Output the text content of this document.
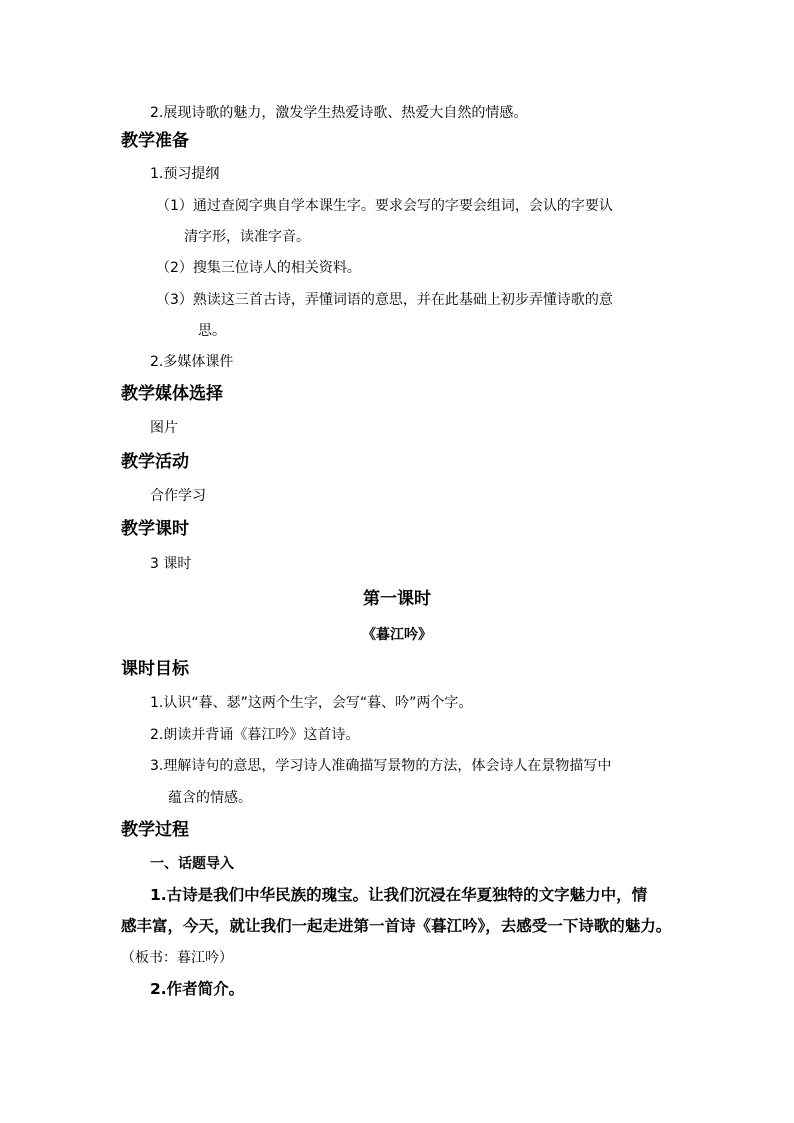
2.展现诗歌的魅力，激发学生热爱诗歌、热爱大自然的情感。
教学准备
1.预习提纲
（1）通过查阅字典自学本课生字。要求会写的字要会组词，会认的字要认
清字形，读准字音。
（2）搜集三位诗人的相关资料。
（3）熟读这三首古诗，弄懂词语的意思，并在此基础上初步弄懂诗歌的意
思。
2.多媒体课件
教学媒体选择
图片
教学活动
合作学习
教学课时
3 课时
第一课时
《暮江吟》
课时目标
1.认识“暮、瑟”这两个生字，会写“暮、吟”两个字。
2.朗读并背诵《暮江吟》这首诗。
3.理解诗句的意思，学习诗人准确描写景物的方法，体会诗人在景物描写中
蕴含的情感。
教学过程
一、话题导入
1.古诗是我们中华民族的瑰宝。让我们沉浸在华夏独特的文字魅力中，情
感丰富，今天，就让我们一起走进第一首诗《暮江吟》，去感受一下诗歌的魅力。
（板书：暮江吟）
2.作者简介。
